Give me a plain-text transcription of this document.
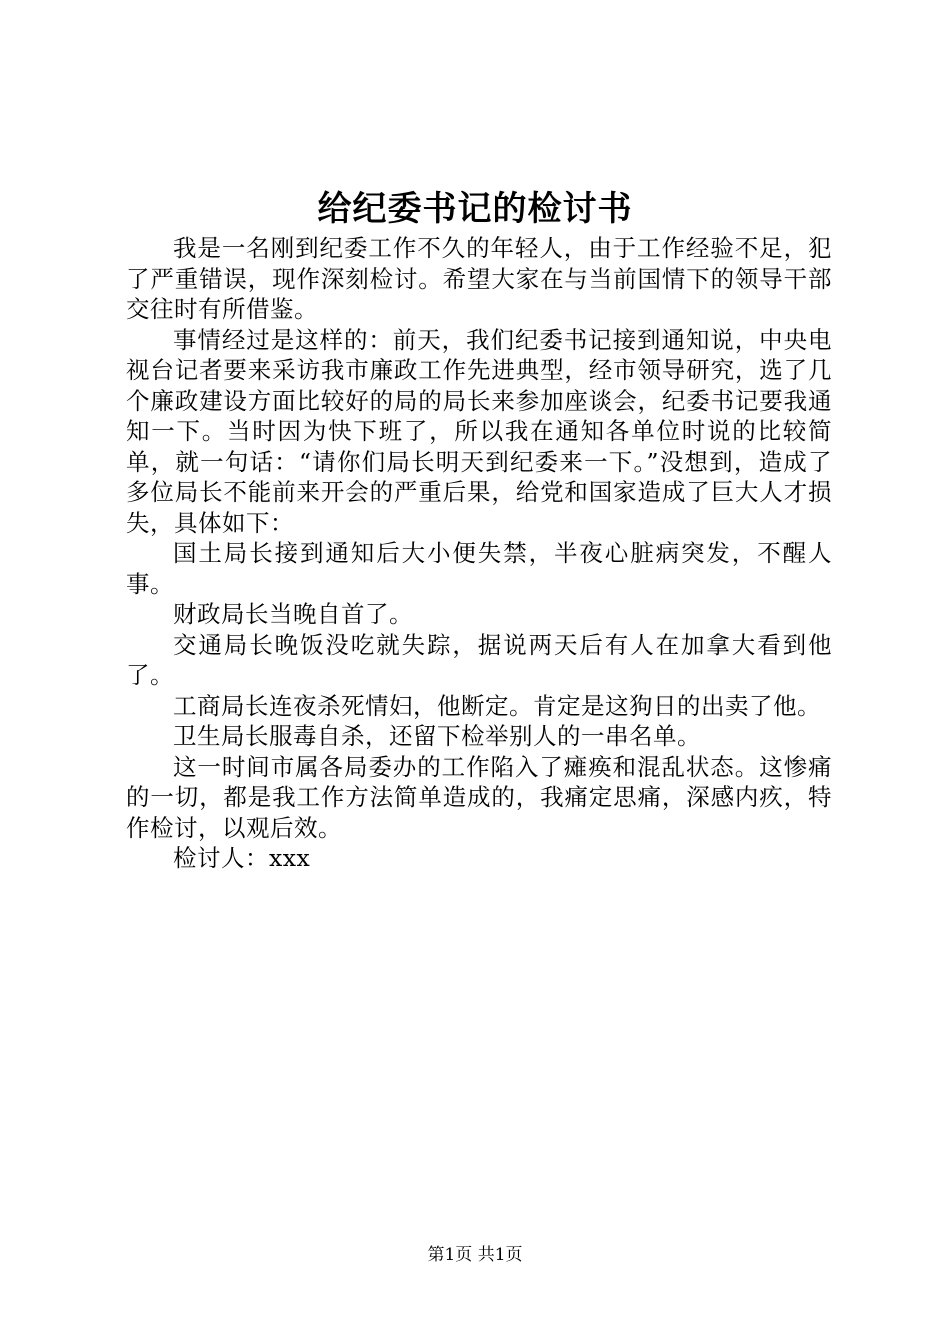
给纪委书记的检讨书

我是一名刚到纪委工作不久的年轻人，由于工作经验不足，犯了严重错误，现作深刻检讨。希望大家在与当前国情下的领导干部交往时有所借鉴。

事情经过是这样的：前天，我们纪委书记接到通知说，中央电视台记者要来采访我市廉政工作先进典型，经市领导研究，选了几个廉政建设方面比较好的局的局长来参加座谈会，纪委书记要我通知一下。当时因为快下班了，所以我在通知各单位时说的比较简单，就一句话：“请你们局长明天到纪委来一下。”没想到，造成了多位局长不能前来开会的严重后果，给党和国家造成了巨大人才损失，具体如下：

国土局长接到通知后大小便失禁，半夜心脏病突发，不醒人事。

财政局长当晚自首了。

交通局长晚饭没吃就失踪，据说两天后有人在加拿大看到他了。

工商局长连夜杀死情妇，他断定。肯定是这狗日的出卖了他。

卫生局长服毒自杀，还留下检举别人的一串名单。

这一时间市属各局委办的工作陷入了瘫痪和混乱状态。这惨痛的一切，都是我工作方法简单造成的，我痛定思痛，深感内疚，特作检讨，以观后效。

检讨人：xxx

第1页 共1页
